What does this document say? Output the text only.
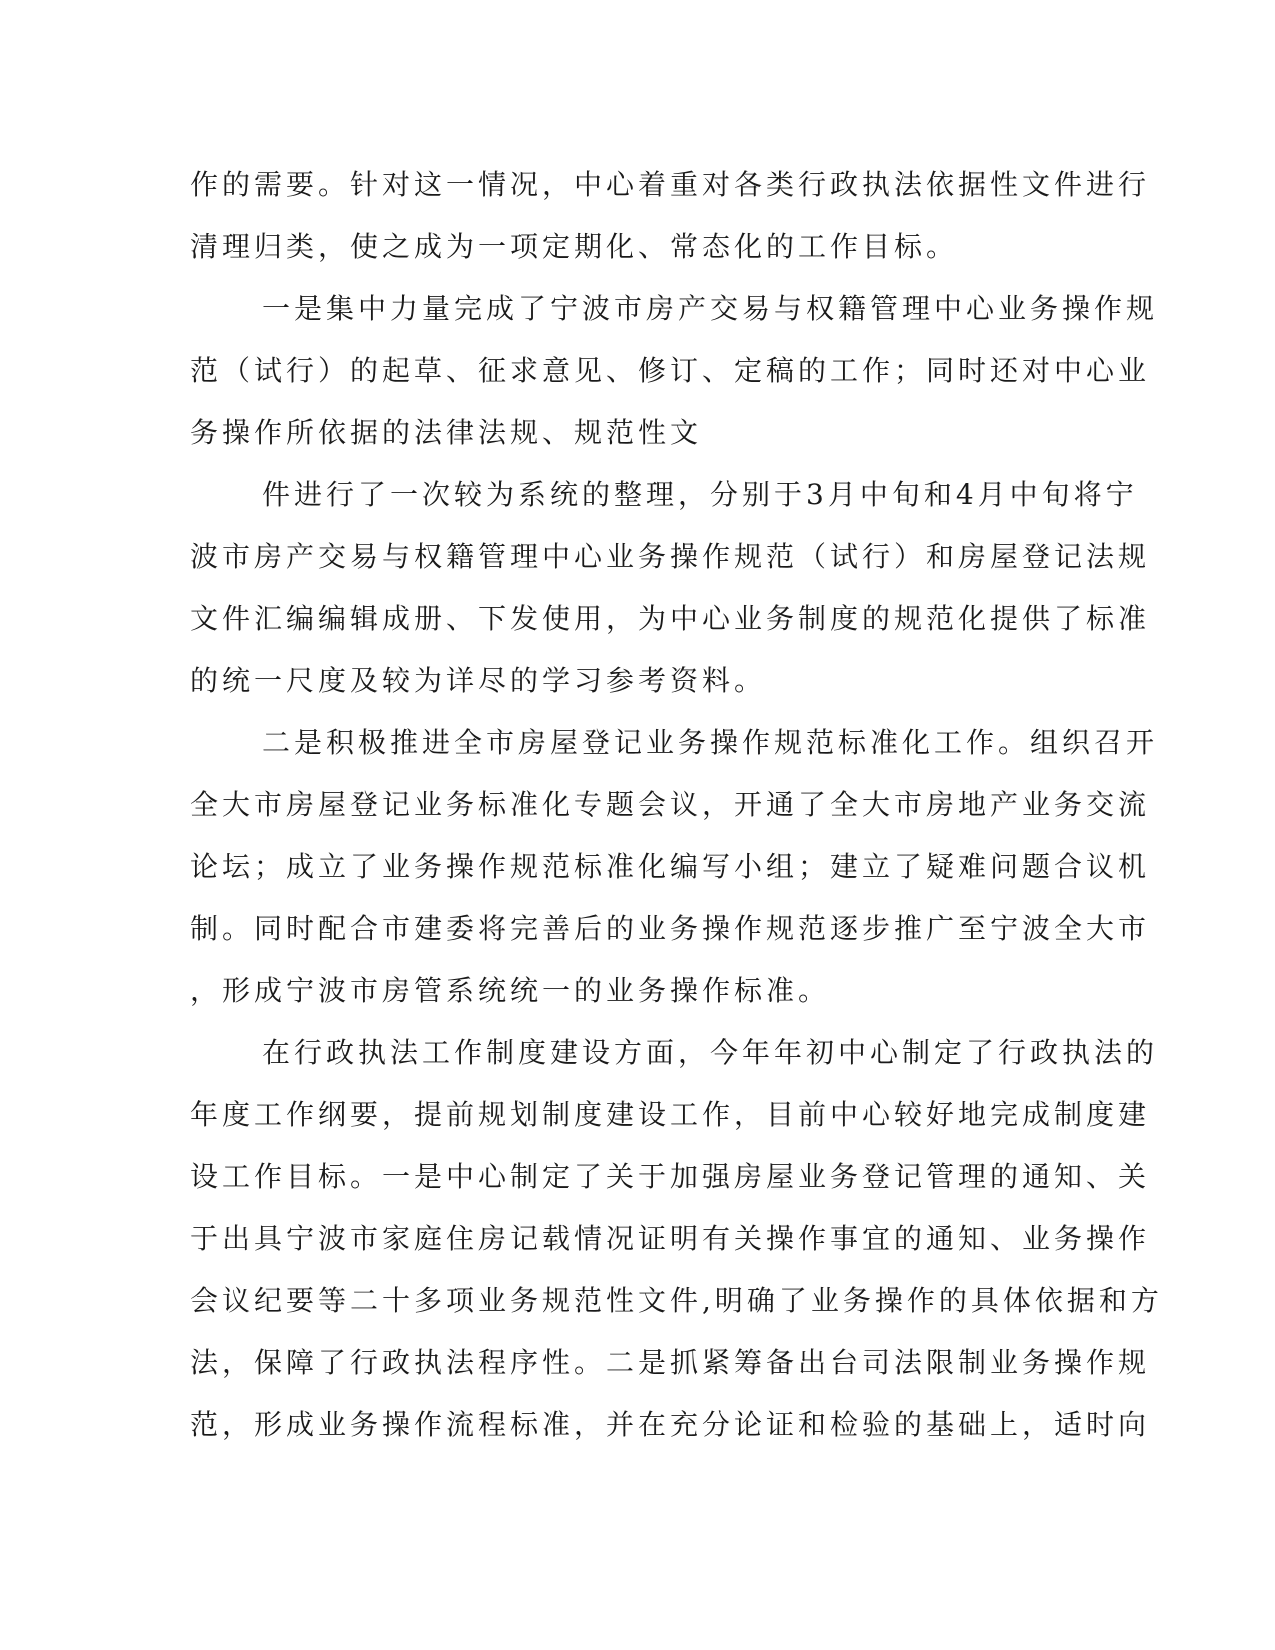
作的需要。针对这一情况，中心着重对各类行政执法依据性文件进行
清理归类，使之成为一项定期化、常态化的工作目标。
一是集中力量完成了宁波市房产交易与权籍管理中心业务操作规
范（试行）的起草、征求意见、修订、定稿的工作；同时还对中心业
务操作所依据的法律法规、规范性文
件进行了一次较为系统的整理，分别于3月中旬和4月中旬将宁
波市房产交易与权籍管理中心业务操作规范（试行）和房屋登记法规
文件汇编编辑成册、下发使用，为中心业务制度的规范化提供了标准
的统一尺度及较为详尽的学习参考资料。
二是积极推进全市房屋登记业务操作规范标准化工作。组织召开
全大市房屋登记业务标准化专题会议，开通了全大市房地产业务交流
论坛；成立了业务操作规范标准化编写小组；建立了疑难问题合议机
制。同时配合市建委将完善后的业务操作规范逐步推广至宁波全大市
，形成宁波市房管系统统一的业务操作标准。
在行政执法工作制度建设方面，今年年初中心制定了行政执法的
年度工作纲要，提前规划制度建设工作，目前中心较好地完成制度建
设工作目标。一是中心制定了关于加强房屋业务登记管理的通知、关
于出具宁波市家庭住房记载情况证明有关操作事宜的通知、业务操作
会议纪要等二十多项业务规范性文件,明确了业务操作的具体依据和方
法，保障了行政执法程序性。二是抓紧筹备出台司法限制业务操作规
范，形成业务操作流程标准，并在充分论证和检验的基础上，适时向
